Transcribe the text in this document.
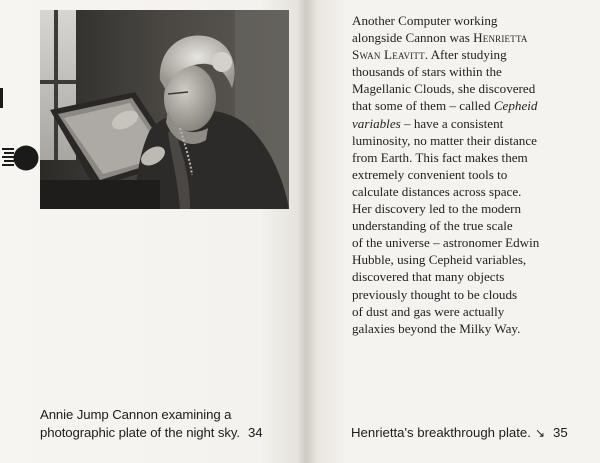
Annie Jump Cannon examining a
photographic plate of the night sky. 34
Another Computer working
alongside Cannon was Henrietta
Swan Leavitt. After studying
thousands of stars within the
Magellanic Clouds, she discovered
that some of them – called Cepheid
variables – have a consistent
luminosity, no matter their distance
from Earth. This fact makes them
extremely convenient tools to
calculate distances across space.
Her discovery led to the modern
understanding of the true scale
of the universe – astronomer Edwin
Hubble, using Cepheid variables,
discovered that many objects
previously thought to be clouds
of dust and gas were actually
galaxies beyond the Milky Way.
Henrietta's breakthrough plate. ↘ 35
